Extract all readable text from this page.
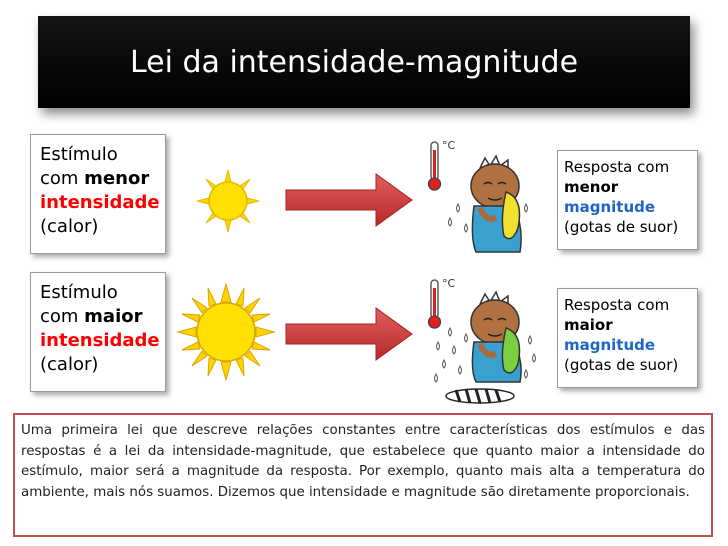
Lei da intensidade-magnitude
Estímulo
com menor
intensidade
(calor)
Estímulo
com maior
intensidade
(calor)
Resposta com
menor
magnitude
(gotas de suor)
Resposta com
maior
magnitude
(gotas de suor)
°C
°C
Uma primeira lei que descreve relações constantes entre características dos estímulos e das respostas é a lei da intensidade-magnitude, que estabelece que quanto maior a intensidade do estímulo, maior será a magnitude da resposta. Por exemplo, quanto mais alta a temperatura do ambiente, mais nós suamos. Dizemos que intensidade e magnitude são diretamente proporcionais.
